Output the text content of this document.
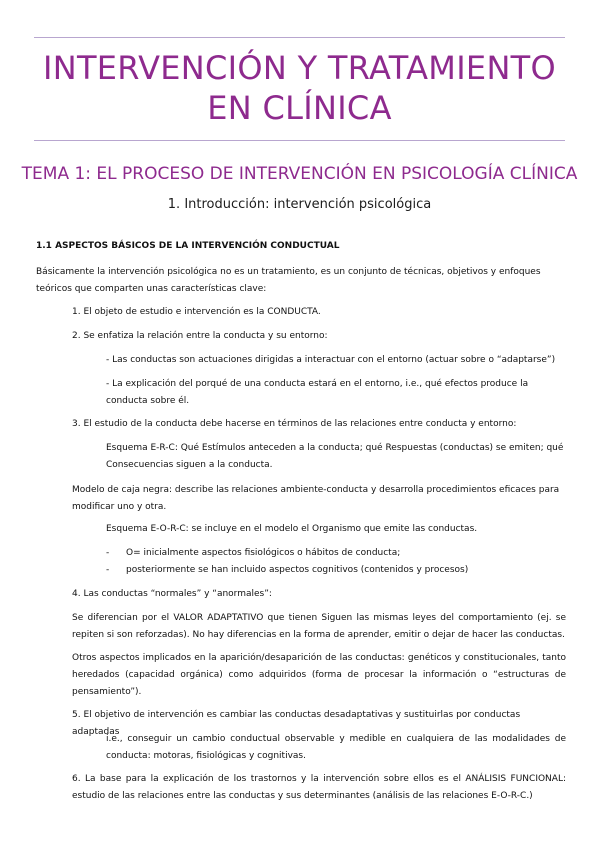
INTERVENCIÓN Y TRATAMIENTO
EN CLÍNICA
TEMA 1: EL PROCESO DE INTERVENCIÓN EN PSICOLOGÍA CLÍNICA
1. Introducción: intervención psicológica
1.1 ASPECTOS BÁSICOS DE LA INTERVENCIÓN CONDUCTUAL
Básicamente la intervención psicológica no es un tratamiento, es un conjunto de técnicas, objetivos y enfoques teóricos que comparten unas características clave:
1. El objeto de estudio e intervención es la CONDUCTA.
2. Se enfatiza la relación entre la conducta y su entorno:
- Las conductas son actuaciones dirigidas a interactuar con el entorno (actuar sobre o “adaptarse”)
- La explicación del porqué de una conducta estará en el entorno, i.e., qué efectos produce la conducta sobre él.
3. El estudio de la conducta debe hacerse en términos de las relaciones entre conducta y entorno:
Esquema E-R-C: Qué Estímulos anteceden a la conducta; qué Respuestas (conductas) se emiten; qué Consecuencias siguen a la conducta.
Modelo de caja negra: describe las relaciones ambiente-conducta y desarrolla procedimientos eficaces para modificar uno y otra.
Esquema E-O-R-C: se incluye en el modelo el Organismo que emite las conductas.
- O= inicialmente aspectos fisiológicos o hábitos de conducta;
- posteriormente se han incluido aspectos cognitivos (contenidos y procesos)
4. Las conductas “normales” y “anormales”:
Se diferencian por el VALOR ADAPTATIVO que tienen Siguen las mismas leyes del comportamiento (ej. se repiten si son reforzadas). No hay diferencias en la forma de aprender, emitir o dejar de hacer las conductas.
Otros aspectos implicados en la aparición/desaparición de las conductas: genéticos y constitucionales, tanto heredados (capacidad orgánica) como adquiridos (forma de procesar la información o “estructuras de pensamiento”).
5. El objetivo de intervención es cambiar las conductas desadaptativas y sustituirlas por conductas adaptadas
i.e., conseguir un cambio conductual observable y medible en cualquiera de las modalidades de conducta: motoras, fisiológicas y cognitivas.
6. La base para la explicación de los trastornos y la intervención sobre ellos es el ANÁLISIS FUNCIONAL: estudio de las relaciones entre las conductas y sus determinantes (análisis de las relaciones E-O-R-C.)
